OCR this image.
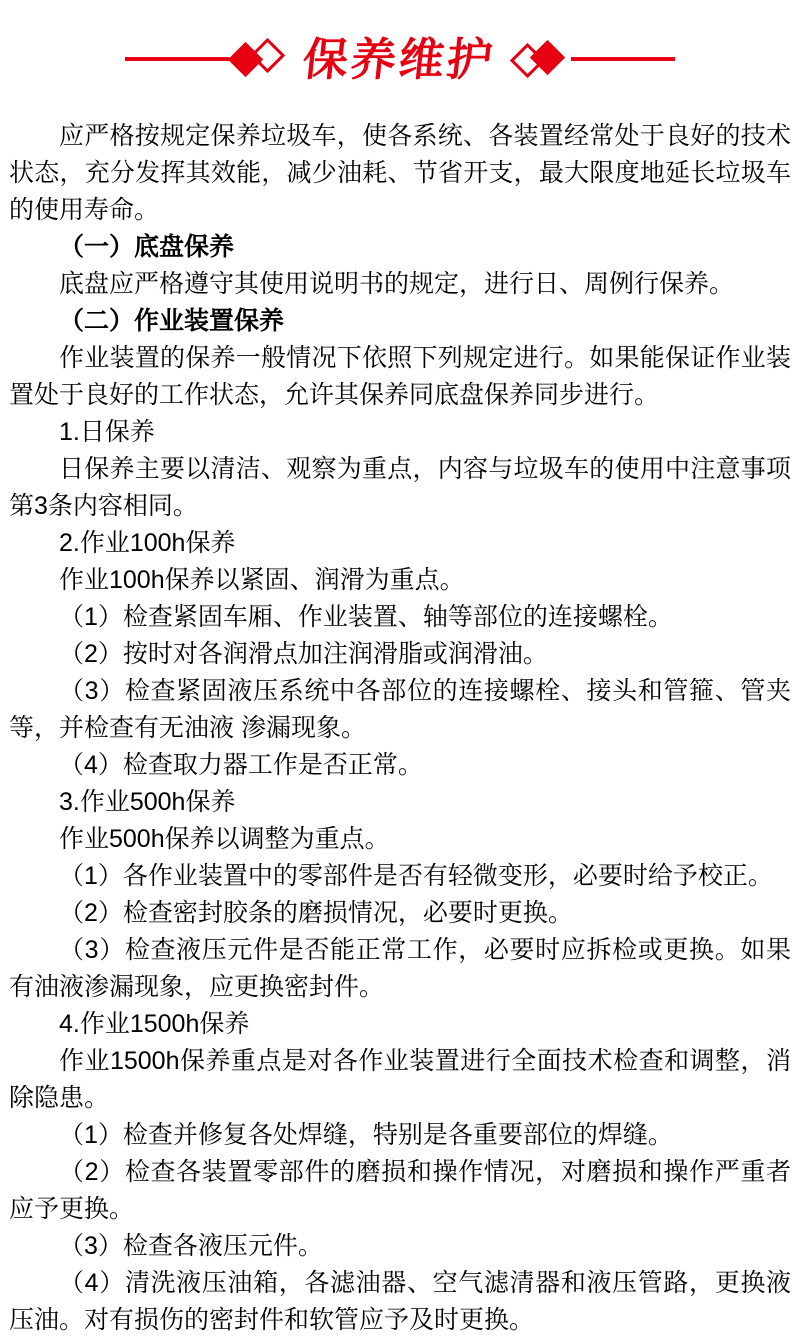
保养维护

应严格按规定保养垃圾车，使各系统、各装置经常处于良好的技术状态，充分发挥其效能，减少油耗、节省开支，最大限度地延长垃圾车的使用寿命。

（一）底盘保养

底盘应严格遵守其使用说明书的规定，进行日、周例行保养。

（二）作业装置保养

作业装置的保养一般情况下依照下列规定进行。如果能保证作业装置处于良好的工作状态，允许其保养同底盘保养同步进行。

1.日保养

日保养主要以清洁、观察为重点，内容与垃圾车的使用中注意事项第3条内容相同。

2.作业100h保养

作业100h保养以紧固、润滑为重点。

（1）检查紧固车厢、作业装置、轴等部位的连接螺栓。

（2）按时对各润滑点加注润滑脂或润滑油。

（3）检查紧固液压系统中各部位的连接螺栓、接头和管箍、管夹等，并检查有无油液 渗漏现象。

（4）检查取力器工作是否正常。

3.作业500h保养

作业500h保养以调整为重点。

（1）各作业装置中的零部件是否有轻微变形，必要时给予校正。

（2）检查密封胶条的磨损情况，必要时更换。

（3）检查液压元件是否能正常工作，必要时应拆检或更换。如果有油液渗漏现象，应更换密封件。

4.作业1500h保养

作业1500h保养重点是对各作业装置进行全面技术检查和调整，消除隐患。

（1）检查并修复各处焊缝，特别是各重要部位的焊缝。

（2）检查各装置零部件的磨损和操作情况，对磨损和操作严重者应予更换。

（3）检查各液压元件。

（4）清洗液压油箱，各滤油器、空气滤清器和液压管路，更换液压油。对有损伤的密封件和软管应予及时更换。
